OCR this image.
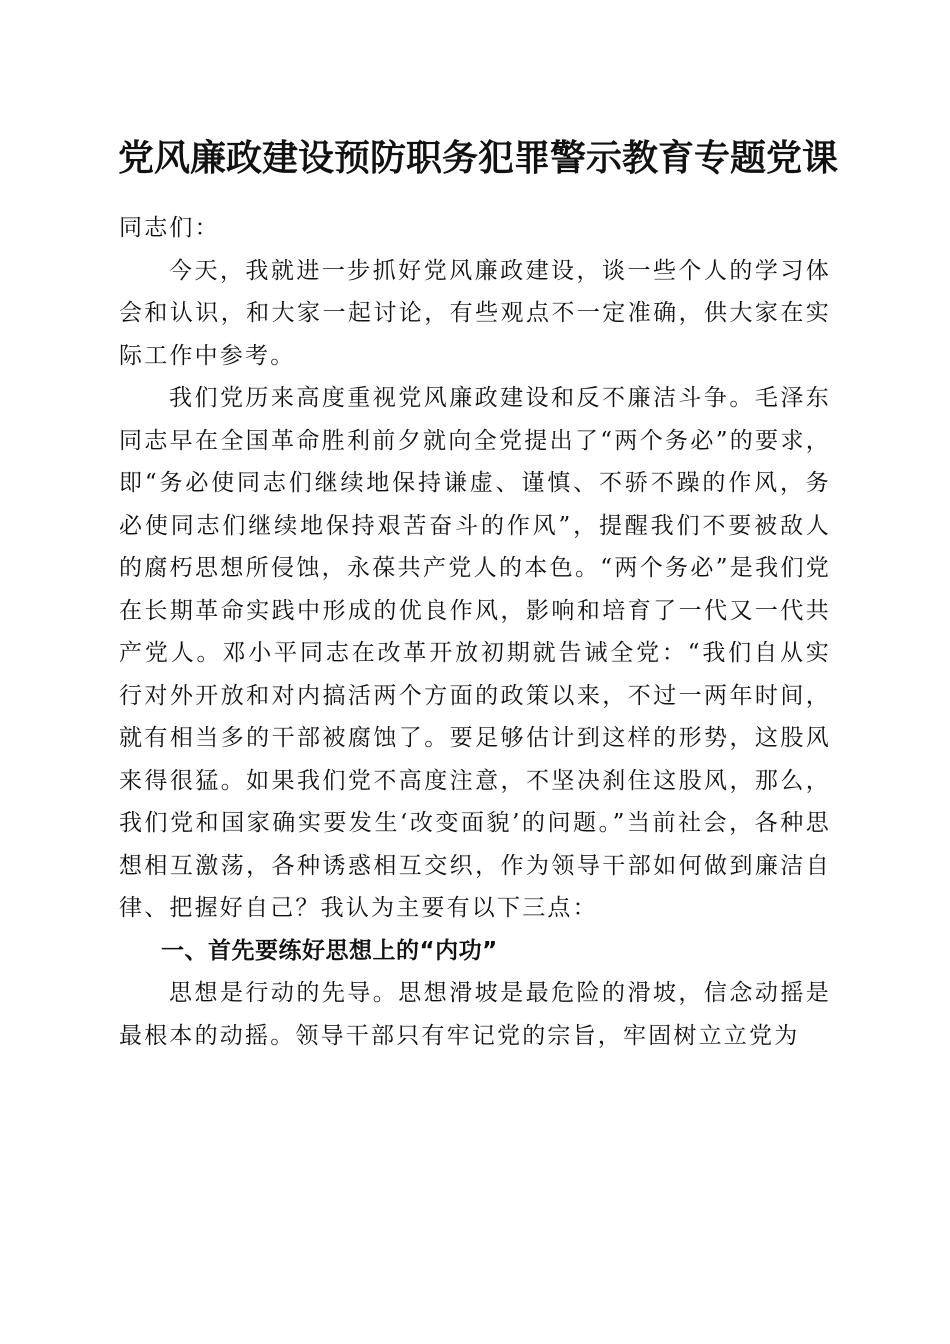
党风廉政建设预防职务犯罪警示教育专题党课

同志们：

今天，我就进一步抓好党风廉政建设，谈一些个人的学习体会和认识，和大家一起讨论，有些观点不一定准确，供大家在实际工作中参考。

我们党历来高度重视党风廉政建设和反不廉洁斗争。毛泽东同志早在全国革命胜利前夕就向全党提出了“两个务必”的要求，即“务必使同志们继续地保持谦虚、谨慎、不骄不躁的作风，务必使同志们继续地保持艰苦奋斗的作风”，提醒我们不要被敌人的腐朽思想所侵蚀，永葆共产党人的本色。“两个务必”是我们党在长期革命实践中形成的优良作风，影响和培育了一代又一代共产党人。邓小平同志在改革开放初期就告诫全党：“我们自从实行对外开放和对内搞活两个方面的政策以来，不过一两年时间，就有相当多的干部被腐蚀了。要足够估计到这样的形势，这股风来得很猛。如果我们党不高度注意，不坚决刹住这股风，那么，我们党和国家确实要发生‘改变面貌’的问题。”当前社会，各种思想相互激荡，各种诱惑相互交织，作为领导干部如何做到廉洁自律、把握好自己？我认为主要有以下三点：

一、首先要练好思想上的“内功”

思想是行动的先导。思想滑坡是最危险的滑坡，信念动摇是最根本的动摇。领导干部只有牢记党的宗旨，牢固树立立党为
